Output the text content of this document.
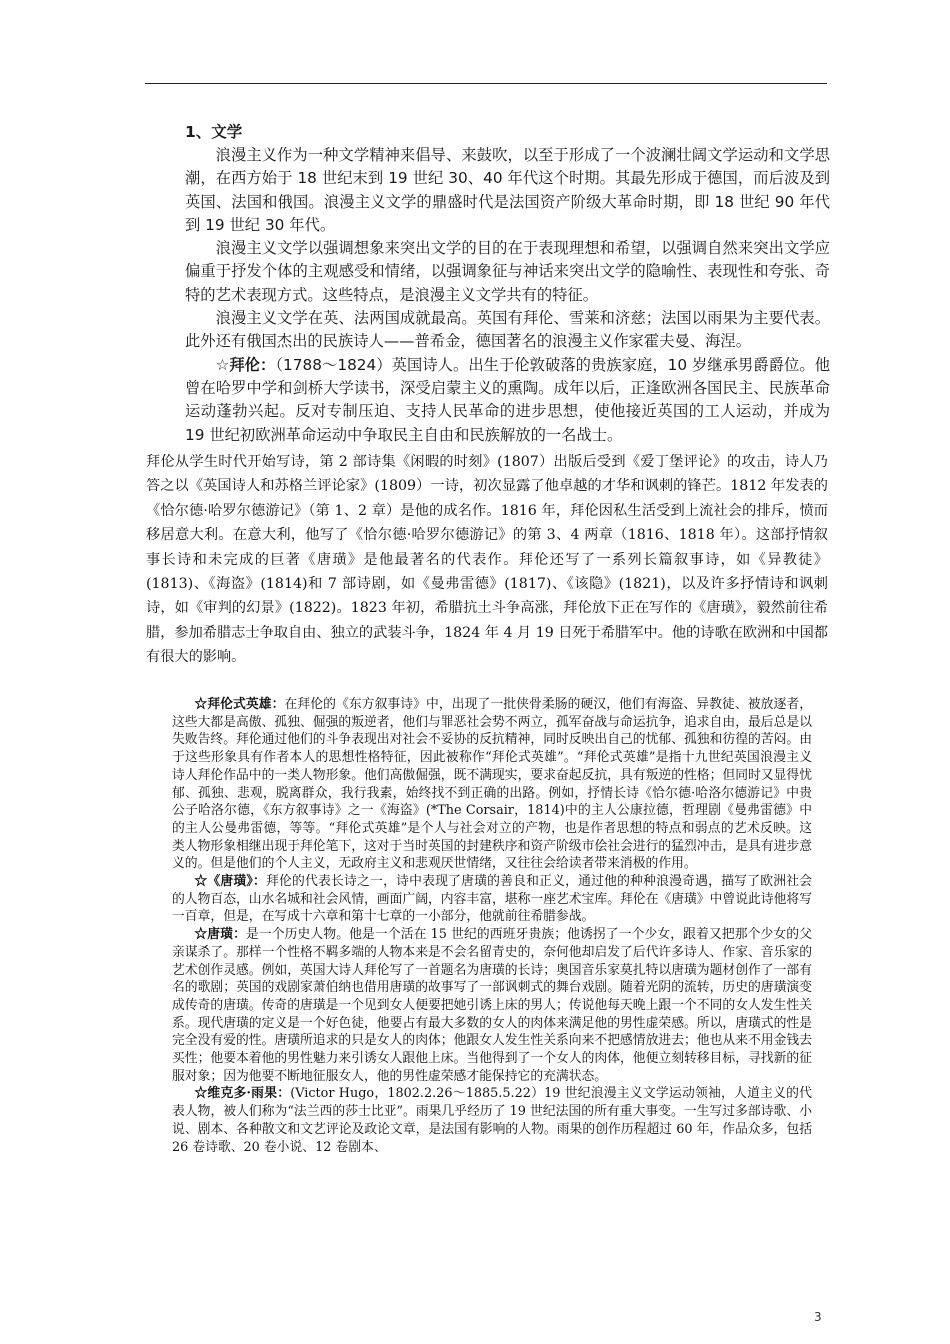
1、文学

浪漫主义作为一种文学精神来倡导、来鼓吹，以至于形成了一个波澜壮阔文学运动和文学思潮，在西方始于 18 世纪末到 19 世纪 30、40 年代这个时期。其最先形成于德国，而后波及到英国、法国和俄国。浪漫主义文学的鼎盛时代是法国资产阶级大革命时期，即 18 世纪 90 年代到 19 世纪 30 年代。

浪漫主义文学以强调想象来突出文学的目的在于表现理想和希望，以强调自然来突出文学应偏重于抒发个体的主观感受和情绪，以强调象征与神话来突出文学的隐喻性、表现性和夸张、奇特的艺术表现方式。这些特点，是浪漫主义文学共有的特征。

浪漫主义文学在英、法两国成就最高。英国有拜伦、雪莱和济慈；法国以雨果为主要代表。此外还有俄国杰出的民族诗人——普希金，德国著名的浪漫主义作家霍夫曼、海涅。

☆拜伦：（1788～1824）英国诗人。出生于伦敦破落的贵族家庭，10 岁继承男爵爵位。他曾在哈罗中学和剑桥大学读书，深受启蒙主义的熏陶。成年以后，正逢欧洲各国民主、民族革命运动蓬勃兴起。反对专制压迫、支持人民革命的进步思想，使他接近英国的工人运动，并成为 19 世纪初欧洲革命运动中争取民主自由和民族解放的一名战士。

拜伦从学生时代开始写诗，第 2 部诗集《闲暇的时刻》(1807）出版后受到《爱丁堡评论》的攻击，诗人乃答之以《英国诗人和苏格兰评论家》(1809）一诗，初次显露了他卓越的才华和讽刺的锋芒。1812 年发表的《恰尔德·哈罗尔德游记》（第 1、2 章）是他的成名作。1816 年，拜伦因私生活受到上流社会的排斥，愤而移居意大利。在意大利，他写了《恰尔德·哈罗尔德游记》的第 3、4 两章（1816、1818 年）。这部抒情叙事长诗和未完成的巨著《唐璜》是他最著名的代表作。拜伦还写了一系列长篇叙事诗，如《异教徒》(1813)、《海盗》(1814)和 7 部诗剧，如《曼弗雷德》(1817)、《该隐》(1821)，以及许多抒情诗和讽刺诗，如《审判的幻景》(1822)。1823 年初，希腊抗土斗争高涨，拜伦放下正在写作的《唐璜》，毅然前往希腊，参加希腊志士争取自由、独立的武装斗争，1824 年 4 月 19 日死于希腊军中。他的诗歌在欧洲和中国都有很大的影响。

☆拜伦式英雄：在拜伦的《东方叙事诗》中，出现了一批侠骨柔肠的硬汉，他们有海盗、异教徒、被放逐者，这些大都是高傲、孤独、倔强的叛逆者，他们与罪恶社会势不两立，孤军奋战与命运抗争，追求自由，最后总是以失败告终。拜伦通过他们的斗争表现出对社会不妥协的反抗精神，同时反映出自己的忧郁、孤独和彷徨的苦闷。由于这些形象具有作者本人的思想性格特征，因此被称作“拜伦式英雄”。“拜伦式英雄”是指十九世纪英国浪漫主义诗人拜伦作品中的一类人物形象。他们高傲倔强，既不满现实，要求奋起反抗，具有叛逆的性格；但同时又显得忧郁、孤独、悲观，脱离群众，我行我素，始终找不到正确的出路。例如，抒情长诗《恰尔德·哈洛尔德游记》中贵公子哈洛尔德，《东方叙事诗》之一《海盗》(*The Corsair，1814)中的主人公康拉德，哲理剧《曼弗雷德》中的主人公曼弗雷德，等等。“拜伦式英雄”是个人与社会对立的产物，也是作者思想的特点和弱点的艺术反映。这类人物形象相继出现于拜伦笔下，这对于当时英国的封建秩序和资产阶级市侩社会进行的猛烈冲击，是具有进步意义的。但是他们的个人主义，无政府主义和悲观厌世情绪，又往往会给读者带来消极的作用。

☆《唐璜》：拜伦的代表长诗之一，诗中表现了唐璜的善良和正义，通过他的种种浪漫奇遇，描写了欧洲社会的人物百态，山水名城和社会风情，画面广阔，内容丰富，堪称一座艺术宝库。拜伦在《唐璜》中曾说此诗他将写一百章，但是，在写成十六章和第十七章的一小部分，他就前往希腊参战。

☆唐璜：是一个历史人物。他是一个活在 15 世纪的西班牙贵族；他诱拐了一个少女，跟着又把那个少女的父亲谋杀了。那样一个性格不羁多端的人物本来是不会名留青史的，奈何他却启发了后代许多诗人、作家、音乐家的艺术创作灵感。例如，英国大诗人拜伦写了一首题名为唐璜的长诗；奥国音乐家莫扎特以唐璜为题材创作了一部有名的歌剧；英国的戏剧家萧伯纳也借用唐璜的故事写了一部讽刺式的舞台戏剧。随着光阴的流转，历史的唐璜演变成传奇的唐璜。传奇的唐璜是一个见到女人便要把她引诱上床的男人；传说他每天晚上跟一个不同的女人发生性关系。现代唐璜的定义是一个好色徒，他要占有最大多数的女人的肉体来满足他的男性虚荣感。所以，唐璜式的性是完全没有爱的性。唐璜所追求的只是女人的肉体；他跟女人发生性关系向来不把感情放进去；他也从来不用金钱去买性；他要本着他的男性魅力来引诱女人跟他上床。当他得到了一个女人的肉体，他便立刻转移目标，寻找新的征服对象；因为他要不断地征服女人，他的男性虚荣感才能保持它的充满状态。

☆维克多·雨果：(Victor Hugo，1802.2.26～1885.5.22）19 世纪浪漫主义文学运动领袖，人道主义的代表人物，被人们称为“法兰西的莎士比亚”。雨果几乎经历了 19 世纪法国的所有重大事变。一生写过多部诗歌、小说、剧本、各种散文和文艺评论及政论文章，是法国有影响的人物。雨果的创作历程超过 60 年，作品众多，包括 26 卷诗歌、20 卷小说、12 卷剧本、

3
